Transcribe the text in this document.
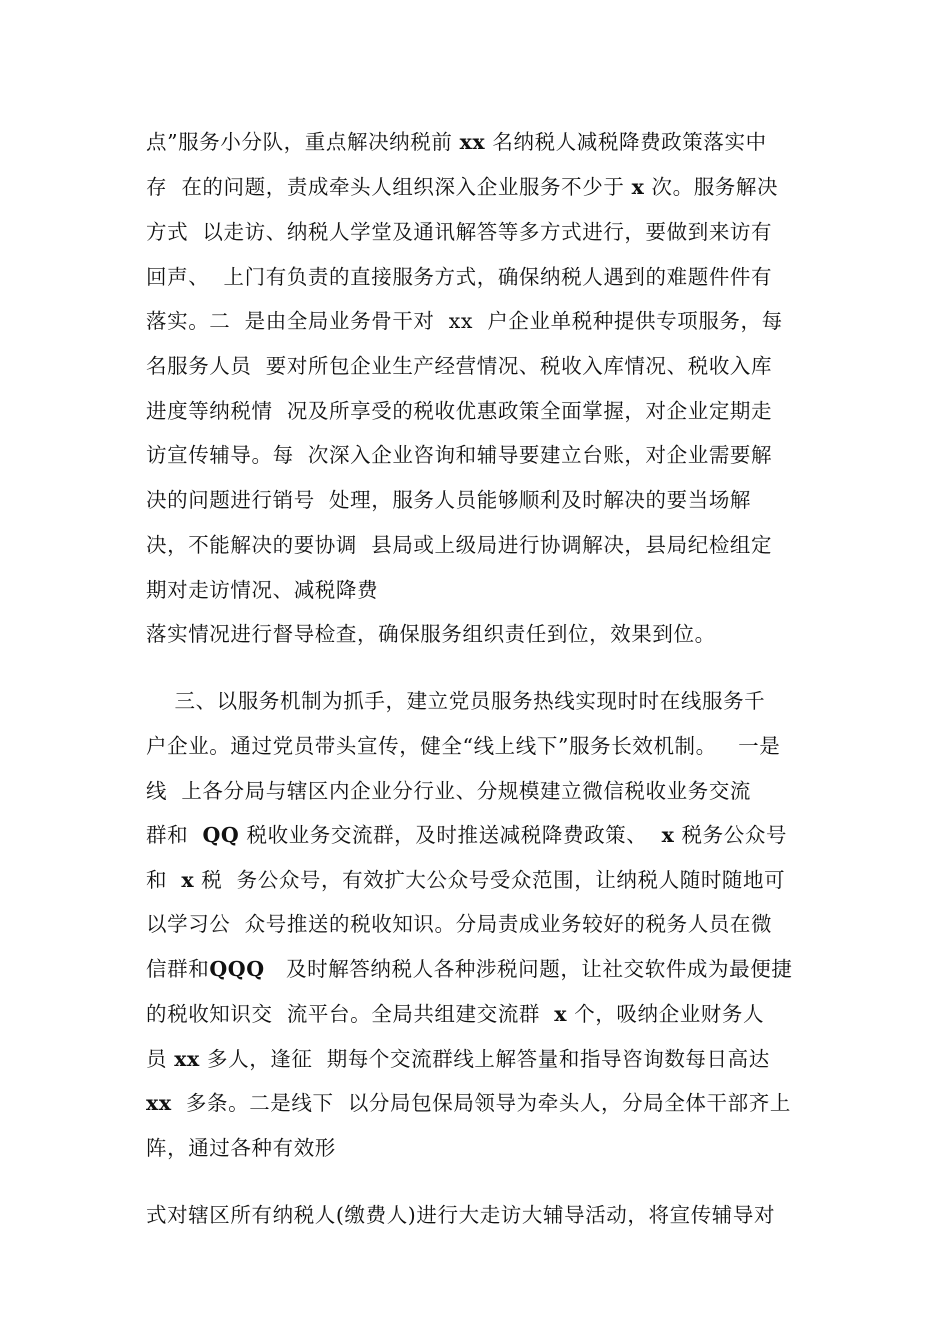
点”服务小分队，重点解决纳税前 xx 名纳税人减税降费政策落实中
存  在的问题，责成牵头人组织深入企业服务不少于 x 次。服务解决
方式  以走访、纳税人学堂及通讯解答等多方式进行，要做到来访有
回声、  上门有负责的直接服务方式，确保纳税人遇到的难题件件有
落实。二  是由全局业务骨干对  xx  户企业单税种提供专项服务，每
名服务人员  要对所包企业生产经营情况、税收入库情况、税收入库
进度等纳税情  况及所享受的税收优惠政策全面掌握，对企业定期走
访宣传辅导。每  次深入企业咨询和辅导要建立台账，对企业需要解
决的问题进行销号  处理，服务人员能够顺利及时解决的要当场解
决，不能解决的要协调  县局或上级局进行协调解决，县局纪检组定
期对走访情况、减税降费
落实情况进行督导检查，确保服务组织责任到位，效果到位。
三、以服务机制为抓手，建立党员服务热线实现时时在线服务千
户企业。通过党员带头宣传，健全“线上线下”服务长效机制。   一是
线  上各分局与辖区内企业分行业、分规模建立微信税收业务交流
群和  QQ 税收业务交流群，及时推送减税降费政策、  x 税务公众号
和  x 税  务公众号，有效扩大公众号受众范围，让纳税人随时随地可
以学习公  众号推送的税收知识。分局责成业务较好的税务人员在微
信群和QQQ   及时解答纳税人各种涉税问题，让社交软件成为最便捷
的税收知识交  流平台。全局共组建交流群  x 个，吸纳企业财务人
员 xx 多人，逢征  期每个交流群线上解答量和指导咨询数每日高达
xx  多条。二是线下  以分局包保局领导为牵头人，分局全体干部齐上
阵，通过各种有效形
式对辖区所有纳税人(缴费人)进行大走访大辅导活动，将宣传辅导对
